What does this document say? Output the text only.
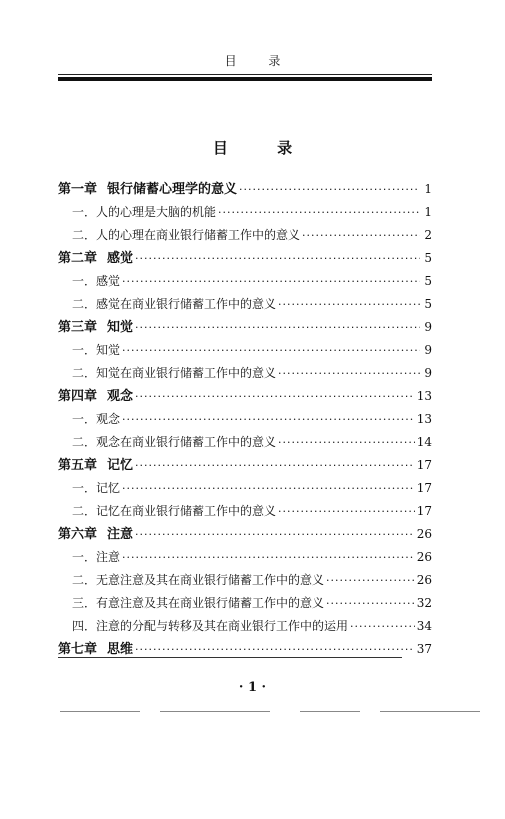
目 录
目 录
第一章 银行储蓄心理学的意义 ·····	1
一．人的心理是大脑的机能 ·····	1
二．人的心理在商业银行储蓄工作中的意义 ·····	2
第二章 感觉 ·····	5
一．感觉 ·····	5
二．感觉在商业银行储蓄工作中的意义 ·····	5
第三章 知觉 ·····	9
一．知觉 ·····	9
二．知觉在商业银行储蓄工作中的意义 ·····	9
第四章 观念 ·····	13
一．观念 ·····	13
二．观念在商业银行储蓄工作中的意义 ·····	14
第五章 记忆 ·····	17
一．记忆 ·····	17
二．记忆在商业银行储蓄工作中的意义 ·····	17
第六章 注意 ·····	26
一．注意 ·····	26
二．无意注意及其在商业银行储蓄工作中的意义 ·····	26
三．有意注意及其在商业银行储蓄工作中的意义 ·····	32
四．注意的分配与转移及其在商业银行工作中的运用 ·····	34
第七章 思维 ·····	37
· 1 ·
